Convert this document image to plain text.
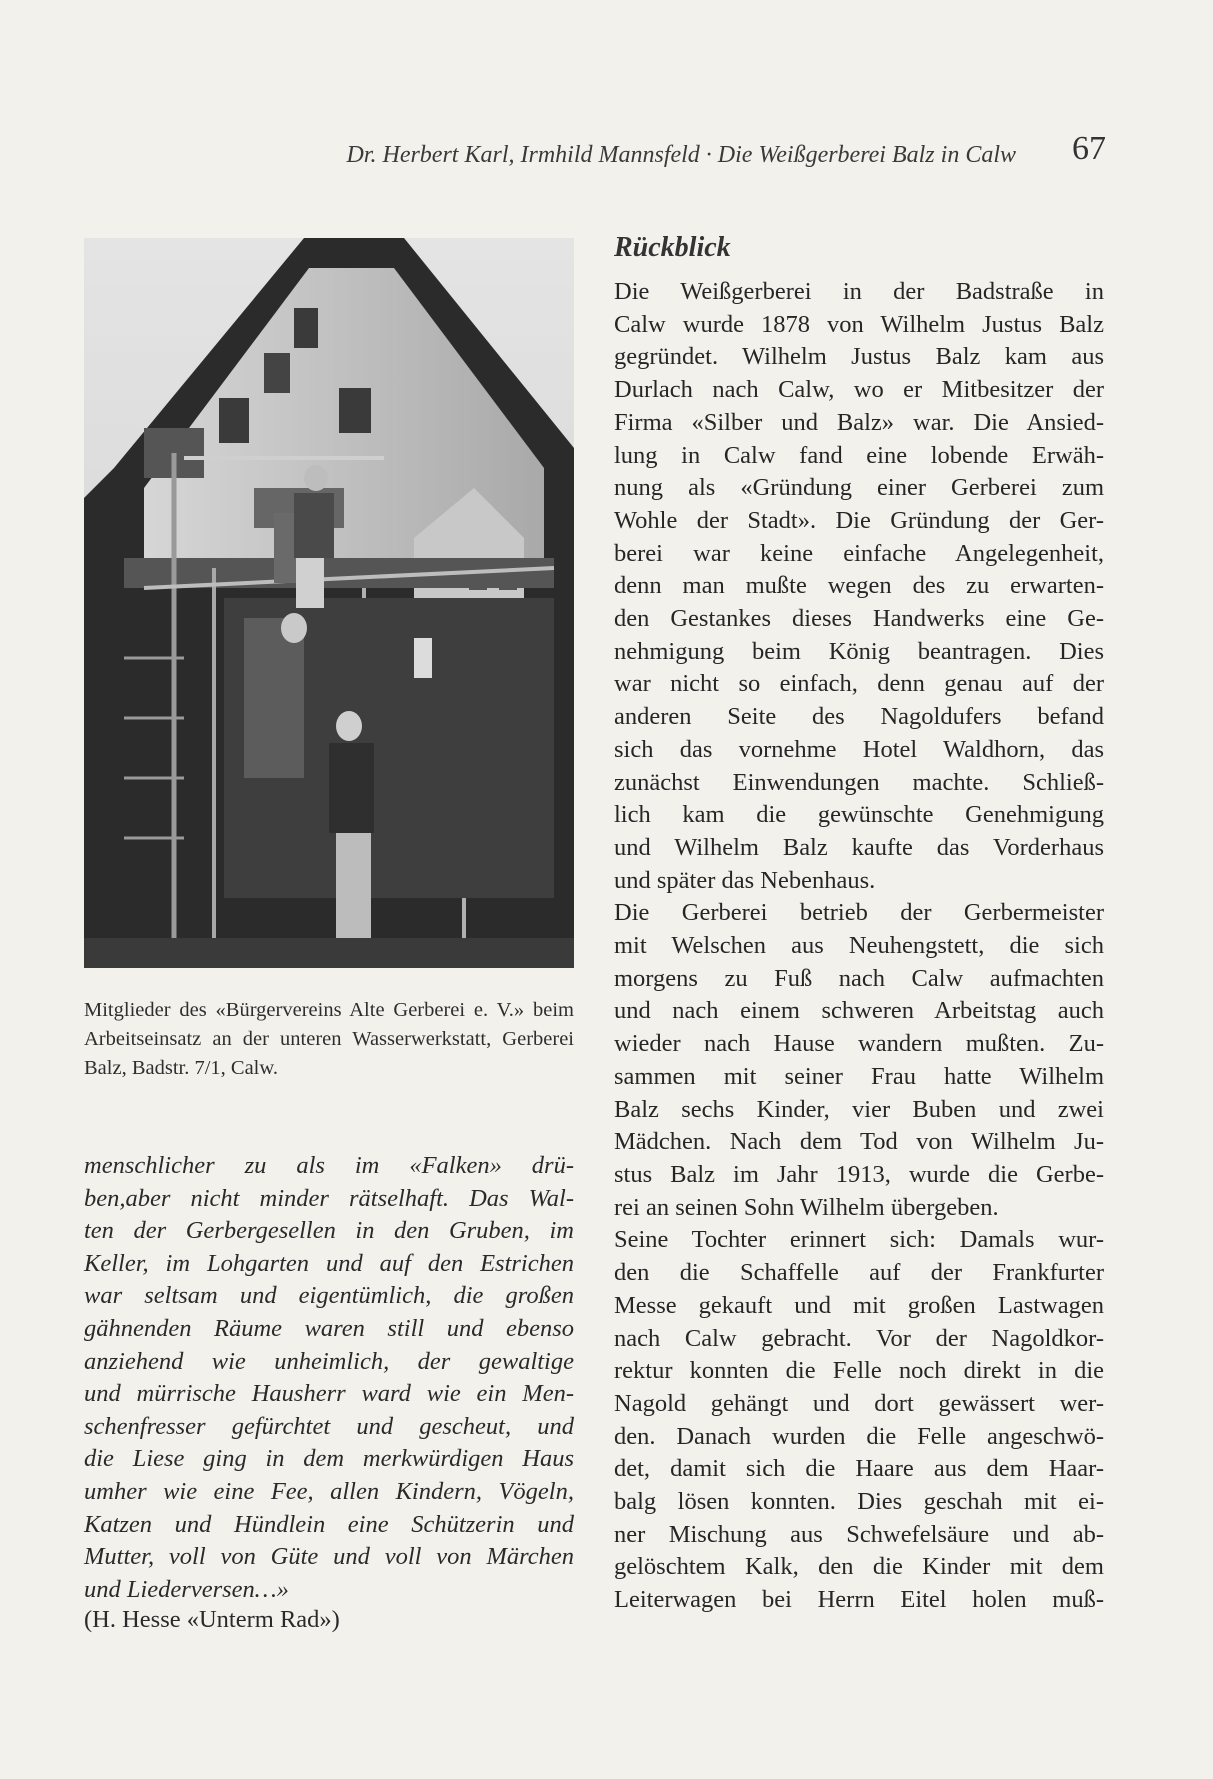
Dr. Herbert Karl, Irmhild Mannsfeld · Die Weißgerberei Balz in Calw 67
Mitglieder des «Bürgervereins Alte Gerberei e. V.» beim Arbeitseinsatz an der unteren Wasserwerkstatt, Gerberei Balz, Badstr. 7/1, Calw.
menschlicher zu als im «Falken» drü-
ben,aber nicht minder rätselhaft. Das Wal-
ten der Gerbergesellen in den Gruben, im
Keller, im Lohgarten und auf den Estrichen
war seltsam und eigentümlich, die großen
gähnenden Räume waren still und ebenso
anziehend wie unheimlich, der gewaltige
und mürrische Hausherr ward wie ein Men-
schenfresser gefürchtet und gescheut, und
die Liese ging in dem merkwürdigen Haus
umher wie eine Fee, allen Kindern, Vögeln,
Katzen und Hündlein eine Schützerin und
Mutter, voll von Güte und voll von Märchen
und Liederversen…»
(H. Hesse «Unterm Rad»)
Rückblick
Die Weißgerberei in der Badstraße in
Calw wurde 1878 von Wilhelm Justus Balz
gegründet. Wilhelm Justus Balz kam aus
Durlach nach Calw, wo er Mitbesitzer der
Firma «Silber und Balz» war. Die Ansied-
lung in Calw fand eine lobende Erwäh-
nung als «Gründung einer Gerberei zum
Wohle der Stadt». Die Gründung der Ger-
berei war keine einfache Angelegenheit,
denn man mußte wegen des zu erwarten-
den Gestankes dieses Handwerks eine Ge-
nehmigung beim König beantragen. Dies
war nicht so einfach, denn genau auf der
anderen Seite des Nagoldufers befand
sich das vornehme Hotel Waldhorn, das
zunächst Einwendungen machte. Schließ-
lich kam die gewünschte Genehmigung
und Wilhelm Balz kaufte das Vorderhaus
und später das Nebenhaus.
Die Gerberei betrieb der Gerbermeister
mit Welschen aus Neuhengstett, die sich
morgens zu Fuß nach Calw aufmachten
und nach einem schweren Arbeitstag auch
wieder nach Hause wandern mußten. Zu-
sammen mit seiner Frau hatte Wilhelm
Balz sechs Kinder, vier Buben und zwei
Mädchen. Nach dem Tod von Wilhelm Ju-
stus Balz im Jahr 1913, wurde die Gerbe-
rei an seinen Sohn Wilhelm übergeben.
Seine Tochter erinnert sich: Damals wur-
den die Schaffelle auf der Frankfurter
Messe gekauft und mit großen Lastwagen
nach Calw gebracht. Vor der Nagoldkor-
rektur konnten die Felle noch direkt in die
Nagold gehängt und dort gewässert wer-
den. Danach wurden die Felle angeschwö-
det, damit sich die Haare aus dem Haar-
balg lösen konnten. Dies geschah mit ei-
ner Mischung aus Schwefelsäure und ab-
gelöschtem Kalk, den die Kinder mit dem
Leiterwagen bei Herrn Eitel holen muß-
